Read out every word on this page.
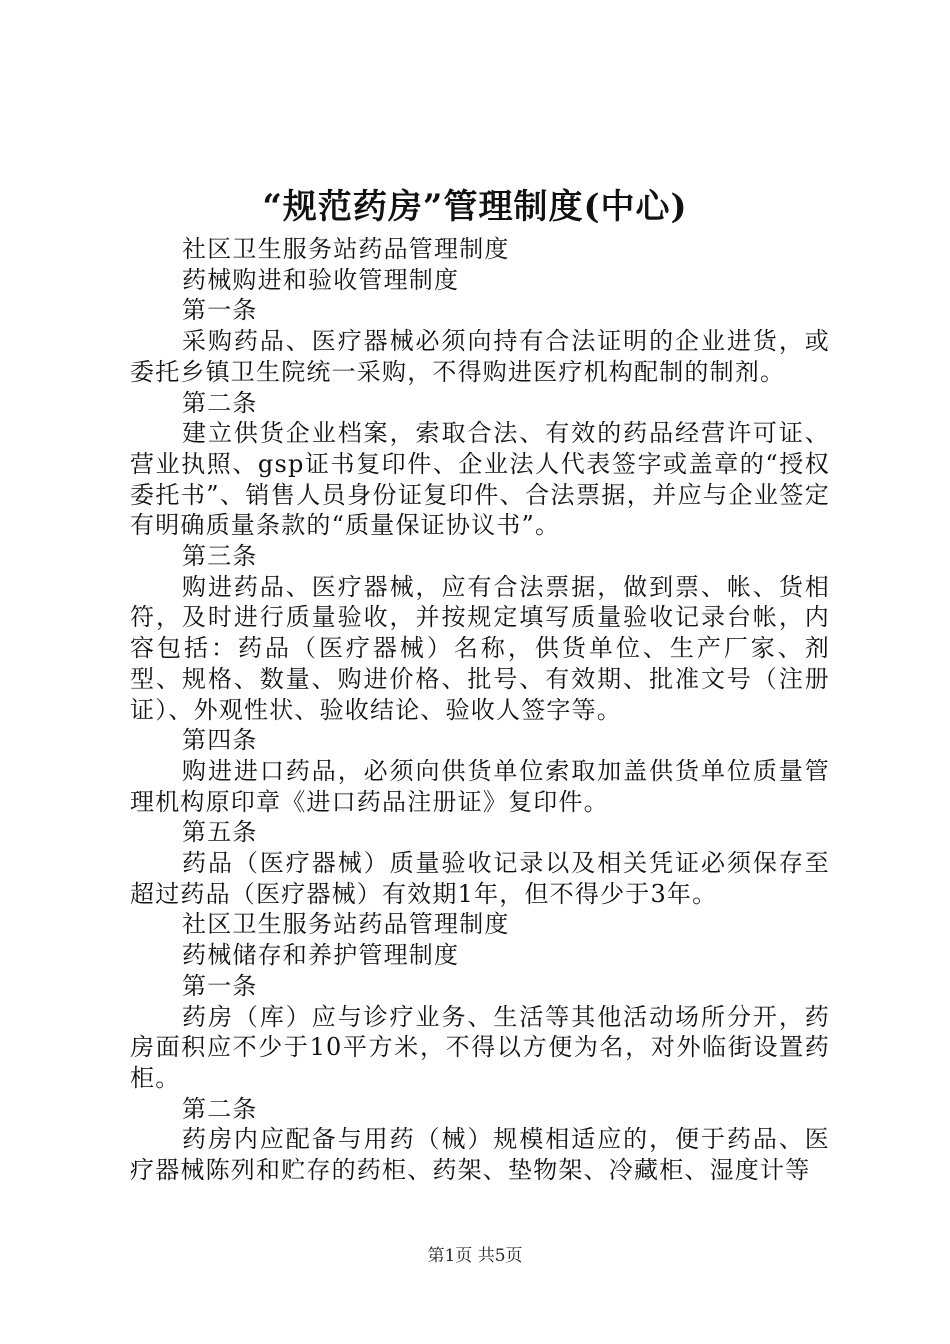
“规范药房”管理制度(中心)

社区卫生服务站药品管理制度

药械购进和验收管理制度

第一条

采购药品、医疗器械必须向持有合法证明的企业进货，或委托乡镇卫生院统一采购，不得购进医疗机构配制的制剂。

第二条

建立供货企业档案，索取合法、有效的药品经营许可证、营业执照、gsp证书复印件、企业法人代表签字或盖章的“授权委托书”、销售人员身份证复印件、合法票据，并应与企业签定有明确质量条款的“质量保证协议书”。

第三条

购进药品、医疗器械，应有合法票据，做到票、帐、货相符，及时进行质量验收，并按规定填写质量验收记录台帐，内容包括：药品（医疗器械）名称，供货单位、生产厂家、剂型、规格、数量、购进价格、批号、有效期、批准文号（注册证）、外观性状、验收结论、验收人签字等。

第四条

购进进口药品，必须向供货单位索取加盖供货单位质量管理机构原印章《进口药品注册证》复印件。

第五条

药品（医疗器械）质量验收记录以及相关凭证必须保存至超过药品（医疗器械）有效期1年，但不得少于3年。

社区卫生服务站药品管理制度

药械储存和养护管理制度

第一条

药房（库）应与诊疗业务、生活等其他活动场所分开，药房面积应不少于10平方米，不得以方便为名，对外临街设置药柜。

第二条

药房内应配备与用药（械）规模相适应的，便于药品、医疗器械陈列和贮存的药柜、药架、垫物架、冷藏柜、湿度计等

第1页 共5页
